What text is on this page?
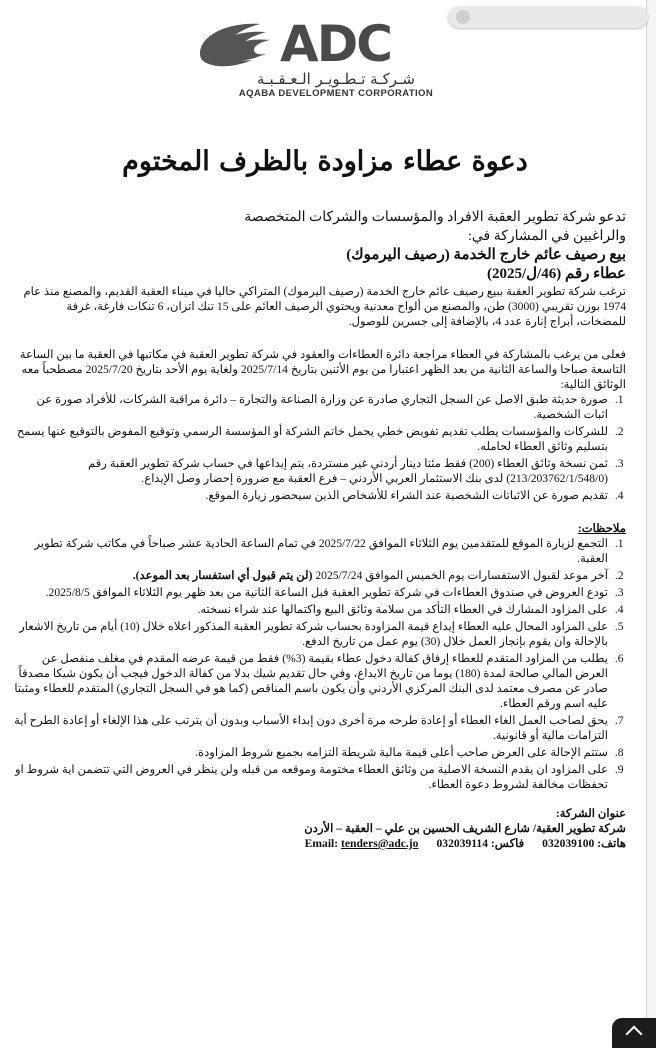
ADC
شـركـة تـطـويـر الـعـقـبـة
AQABA DEVELOPMENT CORPORATION
دعوة عطاء مزاودة بالظرف المختوم

تدعو شركة تطوير العقبة الافراد والمؤسسات والشركات المتخصصة

والراغبين في المشاركة في:

بيع رصيف عائم خارج الخدمة (رصيف اليرموك)

عطاء رقم (46/ل/2025)

ترغب شركة تطوير العقبة ببيع رصيف عائم خارج الخدمة (رصيف اليرموك) المتراكي حاليا في ميناء العقبة القديم، والمصنع منذ عام 1974 بوزن تقريبي (3000) طن، والمصنع من ألواح معدنية ويحتوي الرصيف العائم على 15 تنك اتزان، 6 تنكات فارغة، غرفة للمضخات، أبراج إنارة عدد 4، بالإضافة إلى جسرين للوصول.

فعلى من يرغب بالمشاركة في العطاء مراجعة دائرة العطاءات والعقود في شركة تطوير العقبة في مكاتبها في العقبة ما بين الساعة التاسعة صباحا والساعة الثانية من بعد الظهر اعتبارا من يوم الأثنين بتاريخ 2025/7/14 ولغاية يوم الأحد بتاريخ 2025/7/20 مصطحباً معه الوثائق التالية:

1. صورة حديثة طبق الاصل عن السجل التجاري صادرة عن وزارة الصناعة والتجارة – دائرة مراقبة الشركات، للأفراد صورة عن اثبات الشخصية.
2. للشركات والمؤسسات يطلب تقديم تفويض خطي يحمل خاتم الشركة أو المؤسسة الرسمي وتوقيع المفوض بالتوقيع عنها يسمح بتسليم وثائق العطاء لحامله.
3. ثمن نسخة وثائق العطاء (200) فقط مئتا دينار أردني غير مستردة، يتم إيداعها في حساب شركة تطوير العقبة رقم (213/203762/1/548/0) لدى بنك الاستثمار العربي الأردني – فرع العقبة مع ضرورة إحضار وصل الإيداع.
4. تقديم صورة عن الاثباتات الشخصية عند الشراء للأشخاص الذين سيحضور زيارة الموقع.

ملاحظات:

1. التجمع لزيارة الموقع للمتقدمين يوم الثلاثاء الموافق 2025/7/22 في تمام الساعة الحادية عشر صباحاً في مكاتب شركة تطوير العقبة.
2. آخر موعد لقبول الاستفسارات يوم الخميس الموافق 2025/7/24 (لن يتم قبول أي استفسار بعد الموعد).
3. تودع العروض في صندوق العطاءات في شركة تطوير العقبة قبل الساعة الثانية من بعد ظهر يوم الثلاثاء الموافق 2025/8/5.
4. على المزاود المشارك في العطاء التأكد من سلامة وثائق البيع واكتمالها عند شراء نسخته.
5. على المزاود المحال عليه العطاء إيداع قيمة المزاودة بحساب شركة تطوير العقبة المذكور اعلاه خلال (10) أيام من تاريخ الاشعار بالإحالة وان يقوم بإنجاز العمل خلال (30) يوم عمل من تاريخ الدفع.
6. يطلب من المزاود المتقدم للعطاء إرفاق كفالة دخول عطاء بقيمة (3%) فقط من قيمة عرضه المقدم في مغلف منفصل عن العرض المالي صالحة لمدة (180) يوما من تاريخ الايداع، وفي حال تقديم شيك بدلا من كفالة الدخول فيجب أن يكون شيكا مصدقاً صادر عن مصرف معتمد لدى البنك المركزي الأردني وأن يكون باسم المناقص (كما هو في السجل التجاري) المتقدم للعطاء ومثبتا عليه اسم ورقم العطاء.
7. يحق لصاحب العمل الغاء العطاء أو إعادة طرحه مرة أخرى دون إبداء الأسباب وبدون أن يترتب على هذا الإلغاء أو إعادة الطرح أية التزامات مالية أو قانونية.
8. ستتم الإحالة على العرض صاحب أعلى قيمة مالية شريطة التزامه بجميع شروط المزاودة.
9. على المزاود ان يقدم النسخة الاصلية من وثائق العطاء مختومة وموقعه من قبله ولن ينظر في العروض التي تتضمن اية شروط او تحفظات مخالفة لشروط دعوة العطاء.

عنوان الشركة:

شركة تطوير العقبة/ شارع الشريف الحسين بن علي – العقبة – الأردن

هاتف: 032039100
فاكس: 032039114
Email: tenders@adc.jo
